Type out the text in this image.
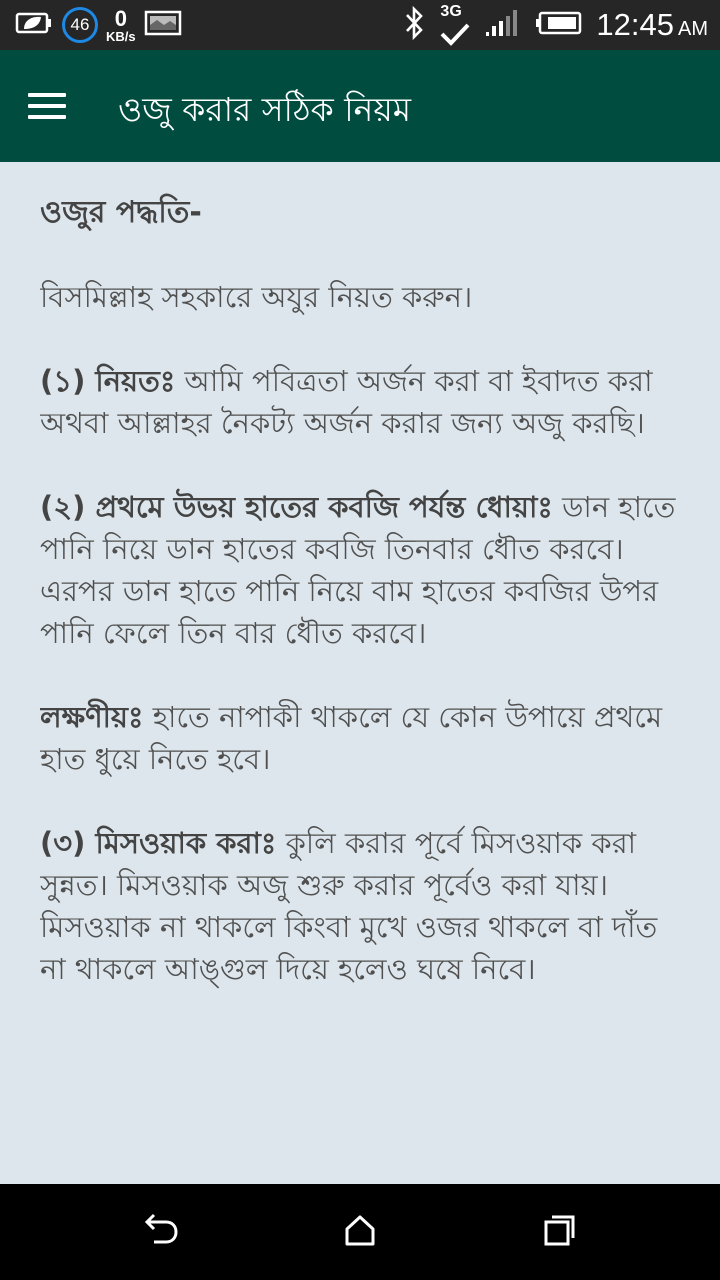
46 0
KB/s
3G	12:45 AM
ওজু করার সঠিক নিয়ম
ওজুর পদ্ধতি-

বিসমিল্লাহ সহকারে অযুর নিয়ত করুন।

(১) নিয়তঃ আমি পবিত্রতা অর্জন করা বা ইবাদত করা অথবা আল্লাহর নৈকট্য অর্জন করার জন্য অজু করছি।

(২) প্রথমে উভয় হাতের কবজি পর্যন্ত ধোয়াঃ ডান হাতে পানি নিয়ে ডান হাতের কবজি তিনবার ধৌত করবে। এরপর ডান হাতে পানি নিয়ে বাম হাতের কবজির উপর পানি ফেলে তিন বার ধৌত করবে।

লক্ষণীয়ঃ হাতে নাপাকী থাকলে যে কোন উপায়ে প্রথমে হাত ধুয়ে নিতে হবে।

(৩) মিসওয়াক করাঃ কুলি করার পূর্বে মিসওয়াক করা সুন্নত। মিসওয়াক অজু শুরু করার পূর্বেও করা যায়। মিসওয়াক না থাকলে কিংবা মুখে ওজর থাকলে বা দাঁত না থাকলে আঙ্গুল দিয়ে হলেও ঘষে নিবে।
